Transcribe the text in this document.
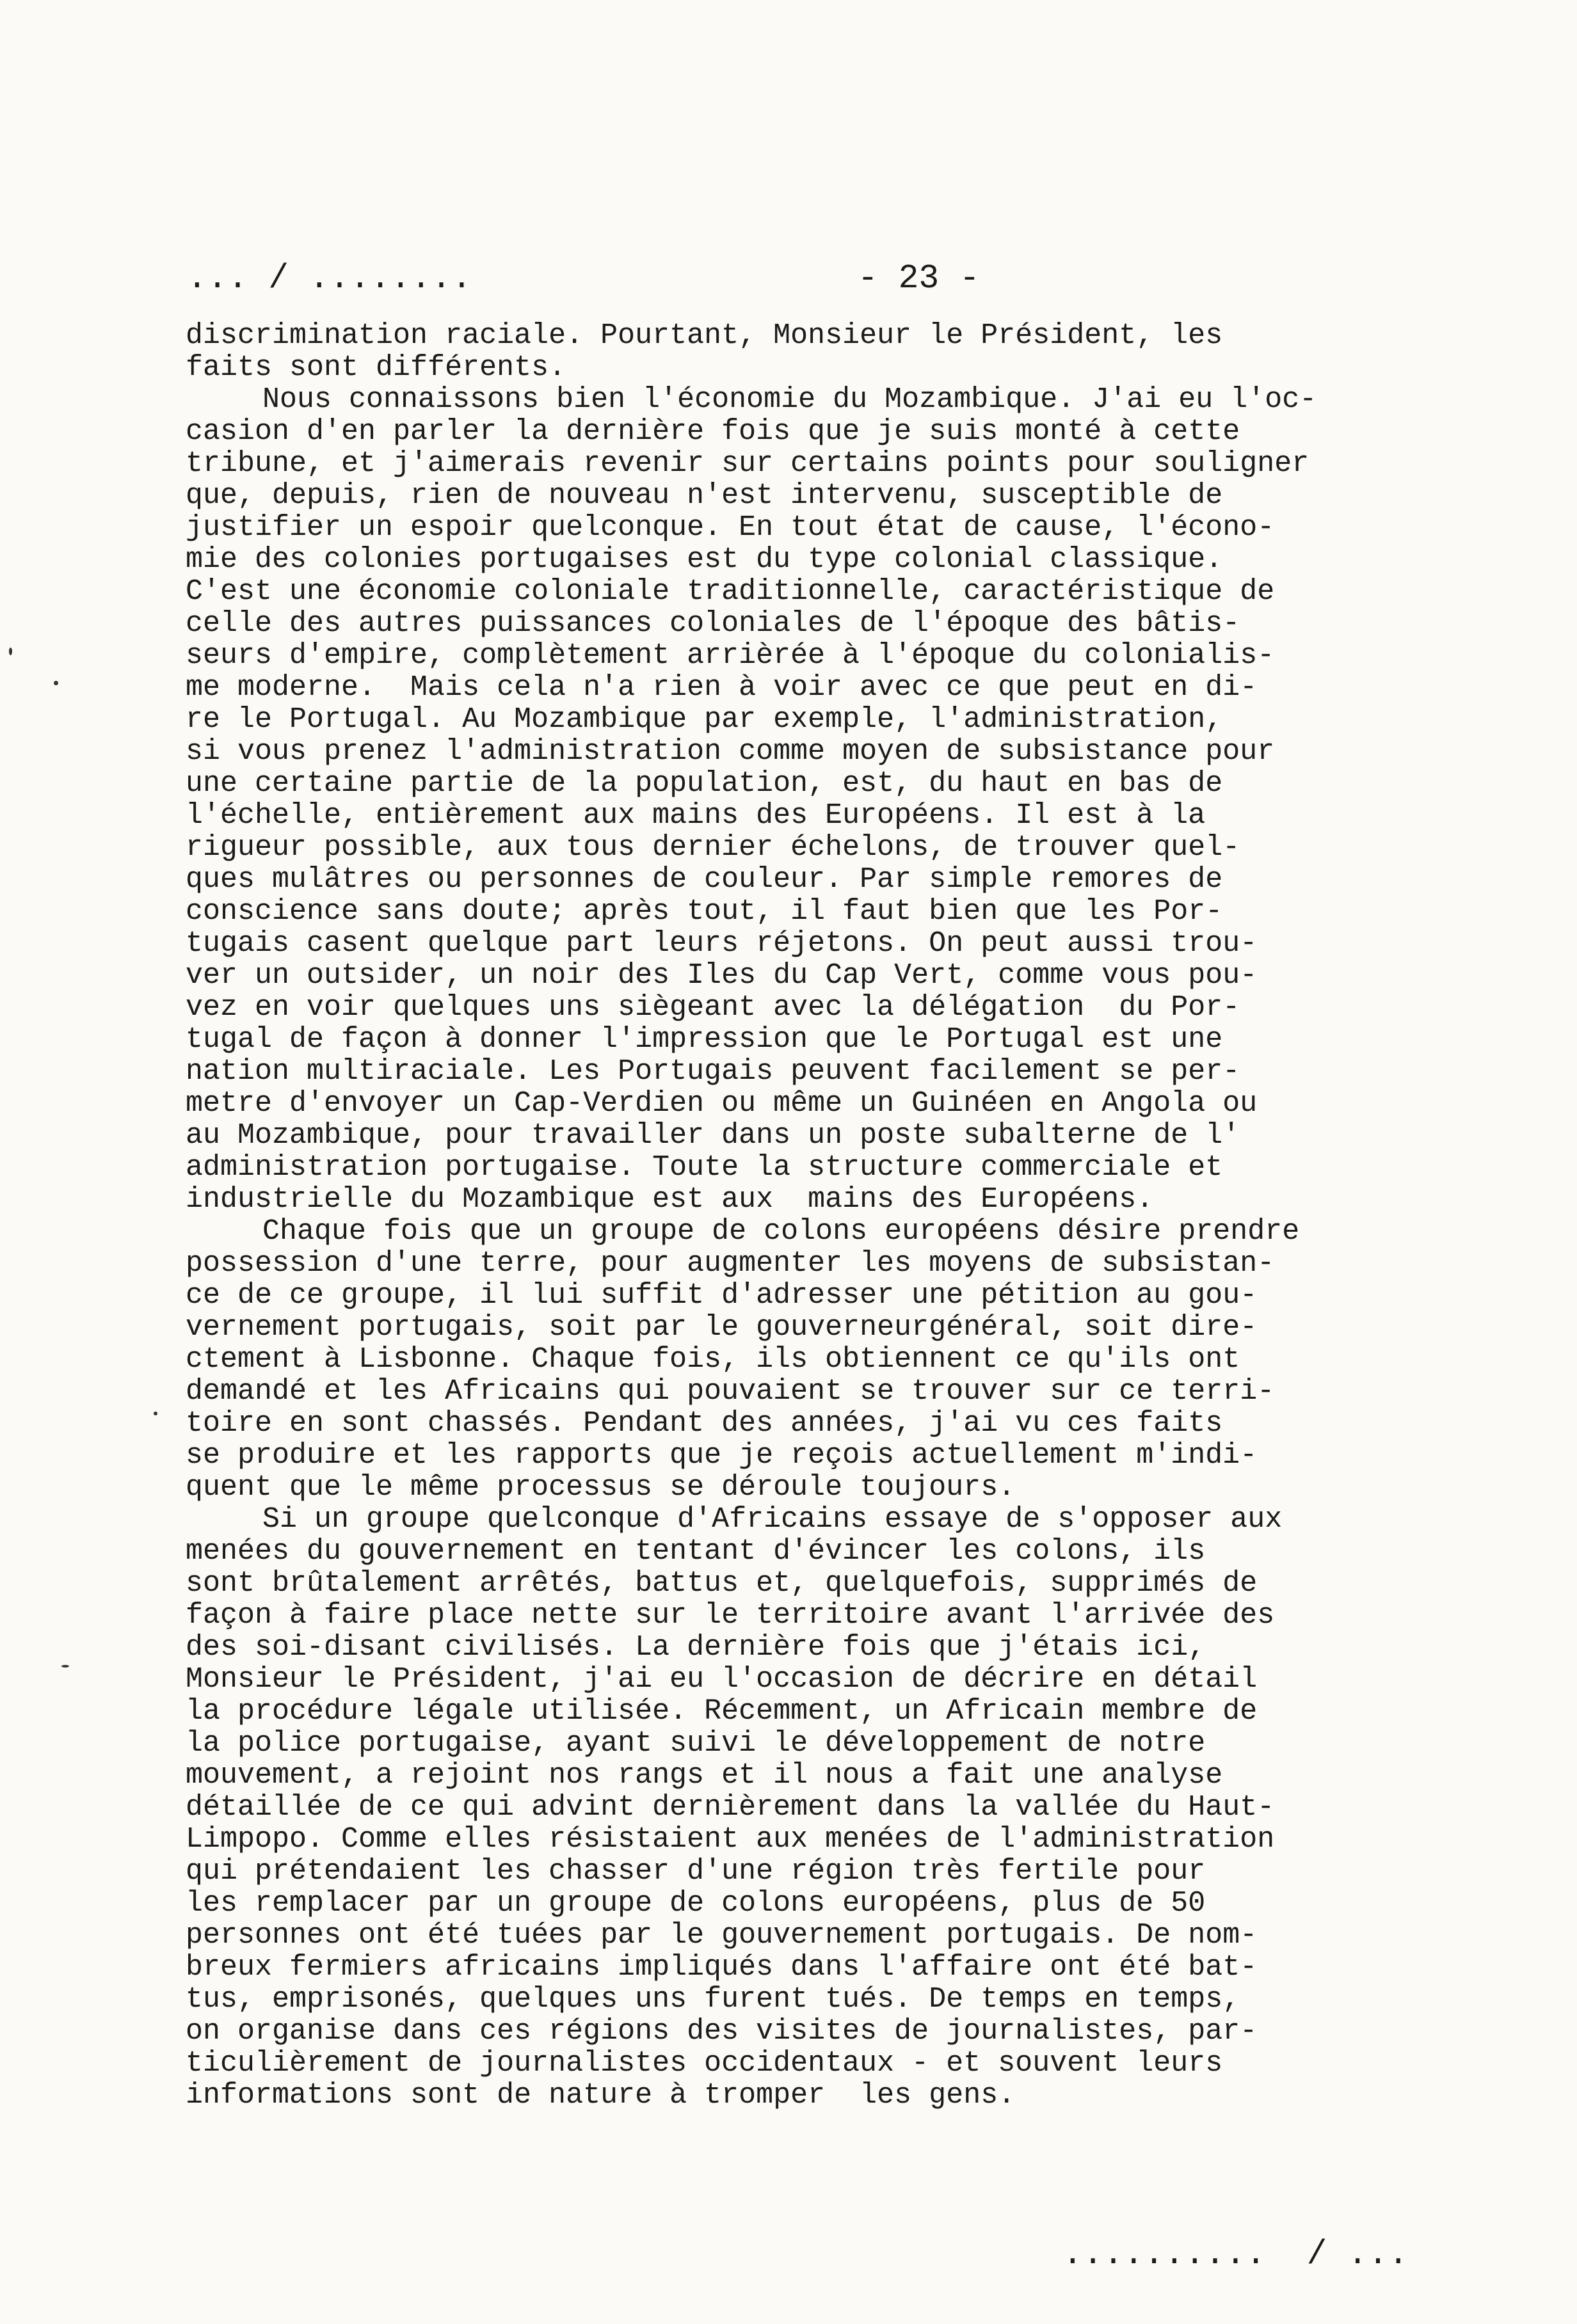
... / ........	- 23 -

discrimination raciale. Pourtant, Monsieur le Président, les
faits sont différents.

Nous connaissons bien l'économie du Mozambique. J'ai eu l'oc-
casion d'en parler la dernière fois que je suis monté à cette
tribune, et j'aimerais revenir sur certains points pour souligner
que, depuis, rien de nouveau n'est intervenu, susceptible de
justifier un espoir quelconque. En tout état de cause, l'écono-
mie des colonies portugaises est du type colonial classique.
C'est une économie coloniale traditionnelle, caractéristique de
celle des autres puissances coloniales de l'époque des bâtis-
seurs d'empire, complètement arrièrée à l'époque du colonialis-
me moderne.  Mais cela n'a rien à voir avec ce que peut en di-
re le Portugal. Au Mozambique par exemple, l'administration,
si vous prenez l'administration comme moyen de subsistance pour
une certaine partie de la population, est, du haut en bas de
l'échelle, entièrement aux mains des Européens. Il est à la
rigueur possible, aux tous dernier échelons, de trouver quel-
ques mulâtres ou personnes de couleur. Par simple remores de
conscience sans doute; après tout, il faut bien que les Por-
tugais casent quelque part leurs réjetons. On peut aussi trou-
ver un outsider, un noir des Iles du Cap Vert, comme vous pou-
vez en voir quelques uns siègeant avec la délégation  du Por-
tugal de façon à donner l'impression que le Portugal est une
nation multiraciale. Les Portugais peuvent facilement se per-
metre d'envoyer un Cap-Verdien ou même un Guinéen en Angola ou
au Mozambique, pour travailler dans un poste subalterne de l'
administration portugaise. Toute la structure commerciale et
industrielle du Mozambique est aux  mains des Européens.

Chaque fois que un groupe de colons européens désire prendre
possession d'une terre, pour augmenter les moyens de subsistan-
ce de ce groupe, il lui suffit d'adresser une pétition au gou-
vernement portugais, soit par le gouverneurgénéral, soit dire-
ctement à Lisbonne. Chaque fois, ils obtiennent ce qu'ils ont
demandé et les Africains qui pouvaient se trouver sur ce terri-
toire en sont chassés. Pendant des années, j'ai vu ces faits
se produire et les rapports que je reçois actuellement m'indi-
quent que le même processus se déroule toujours.

Si un groupe quelconque d'Africains essaye de s'opposer aux
menées du gouvernement en tentant d'évincer les colons, ils
sont brûtalement arrêtés, battus et, quelquefois, supprimés de
façon à faire place nette sur le territoire avant l'arrivée des
des soi-disant civilisés. La dernière fois que j'étais ici,
Monsieur le Président, j'ai eu l'occasion de décrire en détail
la procédure légale utilisée. Récemment, un Africain membre de
la police portugaise, ayant suivi le développement de notre
mouvement, a rejoint nos rangs et il nous a fait une analyse
détaillée de ce qui advint dernièrement dans la vallée du Haut-
Limpopo. Comme elles résistaient aux menées de l'administration
qui prétendaient les chasser d'une région très fertile pour
les remplacer par un groupe de colons européens, plus de 50
personnes ont été tuées par le gouvernement portugais. De nom-
breux fermiers africains impliqués dans l'affaire ont été bat-
tus, emprisonés, quelques uns furent tués. De temps en temps,
on organise dans ces régions des visites de journalistes, par-
ticulièrement de journalistes occidentaux - et souvent leurs
informations sont de nature à tromper  les gens.

..........  / ...
